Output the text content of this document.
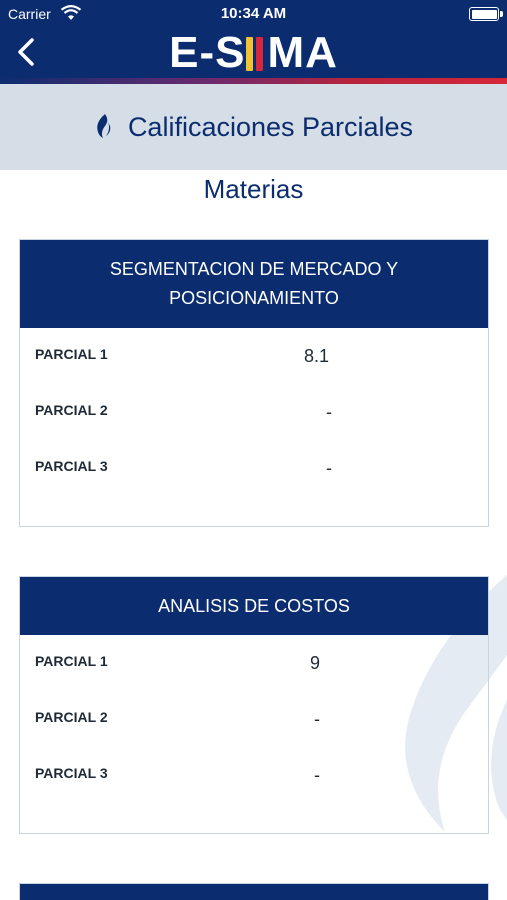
Carrier	10:34 AM
E-S MA
Calificaciones Parciales
Materias
SEGMENTACION DE MERCADO Y
POSICIONAMIENTO
PARCIAL 1	8.1
PARCIAL 2	-
PARCIAL 3	-
ANALISIS DE COSTOS
PARCIAL 1	9
PARCIAL 2	-
PARCIAL 3	-
